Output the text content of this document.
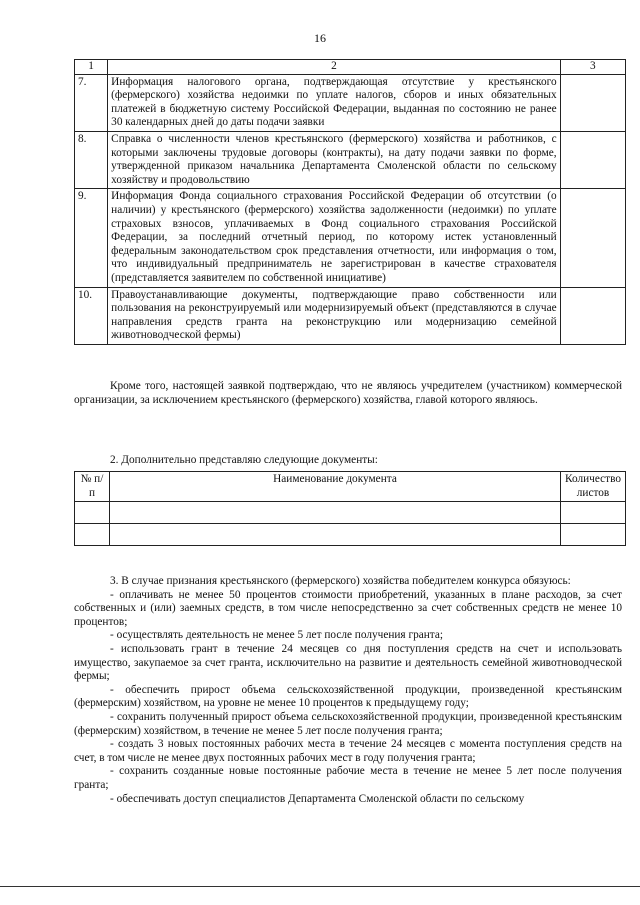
16
1	2	3
7.	Информация налогового органа, подтверждающая отсутствие у крестьянского (фермерского) хозяйства недоимки по уплате налогов, сборов и иных обязательных платежей в бюджетную систему Российской Федерации, выданная по состоянию не ранее 30 календарных дней до даты подачи заявки	
8.	Справка о численности членов крестьянского (фермерского) хозяйства и работников, с которыми заключены трудовые договоры (контракты), на дату подачи заявки по форме, утвержденной приказом начальника Департамента Смоленской области по сельскому хозяйству и продовольствию	
9.	Информация Фонда социального страхования Российской Федерации об отсутствии (о наличии) у крестьянского (фермерского) хозяйства задолженности (недоимки) по уплате страховых взносов, уплачиваемых в Фонд социального страхования Российской Федерации, за последний отчетный период, по которому истек установленный федеральным законодательством срок представления отчетности, или информация о том, что индивидуальный предприниматель не зарегистрирован в качестве страхователя (представляется заявителем по собственной инициативе)	
10.	Правоустанавливающие документы, подтверждающие право собственности или пользования на реконструируемый или модернизируемый объект (представляются в случае направления средств гранта на реконструкцию или модернизацию семейной животноводческой фермы)	

Кроме того, настоящей заявкой подтверждаю, что не являюсь учредителем (участником) коммерческой организации, за исключением крестьянского (фермерского) хозяйства, главой которого являюсь.

2. Дополнительно представляю следующие документы:

№ п/п	Наименование документа	Количество листов

3. В случае признания крестьянского (фермерского) хозяйства победителем конкурса обязуюсь:

- оплачивать не менее 50 процентов стоимости приобретений, указанных в плане расходов, за счет собственных и (или) заемных средств, в том числе непосредственно за счет собственных средств не менее 10 процентов;

- осуществлять деятельность не менее 5 лет после получения гранта;

- использовать грант в течение 24 месяцев со дня поступления средств на счет и использовать имущество, закупаемое за счет гранта, исключительно на развитие и деятельность семейной животноводческой фермы;

- обеспечить прирост объема сельскохозяйственной продукции, произведенной крестьянским (фермерским) хозяйством, на уровне не менее 10 процентов к предыдущему году;

- сохранить полученный прирост объема сельскохозяйственной продукции, произведенной крестьянским (фермерским) хозяйством, в течение не менее 5 лет после получения гранта;

- создать 3 новых постоянных рабочих места в течение 24 месяцев с момента поступления средств на счет, в том числе не менее двух постоянных рабочих мест в году получения гранта;

- сохранить созданные новые постоянные рабочие места в течение не менее 5 лет после получения гранта;

- обеспечивать доступ специалистов Департамента Смоленской области по сельскому
